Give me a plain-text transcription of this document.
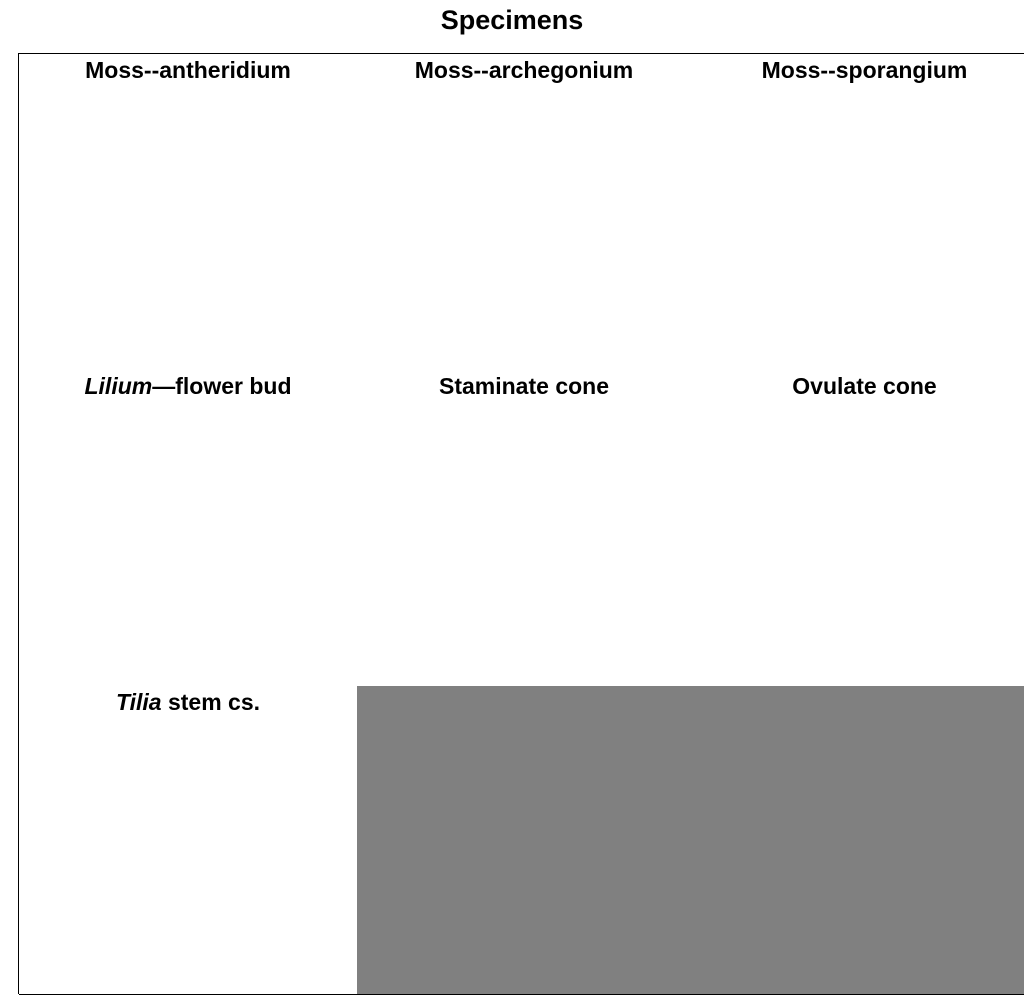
Specimens
Moss--antheridium	Moss--archegonium	Moss--sporangium
Lilium—flower bud	Staminate cone	Ovulate cone
Tilia stem cs.
